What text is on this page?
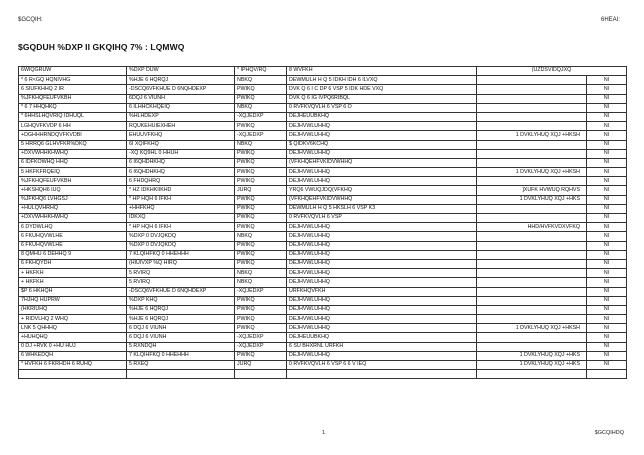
$GCQIH:	6HEAI:
$GQDUH %DXP II GKQIHQ 7% : LQMWQ
6WIQGRUW	%DXP DUW	* IPHQV/RQ	8 WVFKH	(UZDSVIDQJXQ	
* 6 R<GQ HQNIVHG	%HJE 6 HQRQJ	NBKQ	DEWMULH H Q 5 IDKH IDH 6 ILVXQ		NI
6 SIUFKHHQ 2 IR	-DSCQ6VFKHUE D 6NQHDEXP	PWIKQ	DVK Q 6 I C DP 6 VSP 5 IDK HDE VXQ		NI
%JFKHQFEUFVKBH	6DQJ 6 VIUNH	PWIKQ	DVK Q 6 IG IVPQ6RIBQL		NI
* 6 7 HHQHKQ	6 ILHHCKHQEIQ	NBKQ	0 RVFKVQVLH 6 VSP 6 O		NI
* 6HHSLHQVRIQ IDHUQL	%HLHDEXP	-XQJEDXP	DEJHEUUBKHQ		NI
LGHQVFKVDP 6 HH	RQUKEHUIEXHEH	PWIKQ	DEJHVWLUHHQ		NI
+DGHHHRNDQVFKVDBI	EHUUVFKHQ	-XQJEDXP	DEJHVWLUHHQ	1 DVKLYHUQ XQJ +HKSH	NI
5 HRRQ6 GLHVFKR%DKQ	6I XQIFKHQ	NBKQ	$ QIDKV6KCHQ		NI
+DXVWHHKHWHQ	-XQ KQ9HL 0 HHUH	PWIKQ	DEJHVWLUHHQ		NI
6 IDFKOWHQ HHQ	6 I6QHDHKHQ	PWIKQ	(VFKHQEHFVKIDVWHHQ		NI
5 HKFKFRQEIQ	6 I6QHDHKHQ	PWIKQ	DEJHVWLUHHQ	1 DVKLYHUQ XQJ +HKSH	NI
%JFKHQFEUFVKBH	6 FHDQHRQ	PWIKQ	DEJHVWLUHHQ		NI
+HKSHQH6 IUQ	* HZ IDKHKIIKHD	JURQ	YRQ6 VWUQJDQ(VFKHQ	]XUFK HVWUQ RQHVS	NI
%JFKHQ6 LVHGSJ	* HP HQH 6 IFKH	PWIKQ	(VFKHQEHFVKIDVWHHQ	1 DVKLYHUQ XQJ +HKS	NI
+HULQVHRHQ	+HHFKHQ	PWIKQ	DEWMULH H Q 5 HKSLH 6 VSP K3		NI
+DXVWHHKHWHQ	IDKXQ	PWIKQ	0 RVFKVQVLH 6 VSP		NI
6 DYDWLHQ	* HP HQH 6 IFKH	PWIKQ	DEJHVWLUHHQ	HHD/HVFKVDXVFKQ	NI
6 FKUHQVWLHE	%DXP 0 DVJQKDQ	NBKQ	DEJHVWLUHHQ		NI
6 FKUHQVWLHE	%DXP 0 DVJQKDQ	PWIKQ	DEJHVWLUHHQ		NI
8 QMHU 6 DEHHQ 9	7 KLQIHFKQ 0 HHEHHH	PWIKQ	DEJHVWLUHHQ		NI
6 FKHQYDH	(HIUIVXP %Q HIRQ	PWIKQ	DEJHVWLUHHQ		NI
+ HKFKH	5 RVIRQ	NBKQ	DEJHVWLUHHQ		NI
+ HKFKH	5 RVIRQ	NBKQ	DEJHVWLUHHQ		NI
$P 6 HKHQH	-DSCQ6VFKHUE D 6NQHDEXP	-XQJEDXP	URFKHQVFKH		NI
7HJHQ HUPRW	%DXP KHQ	PWIKQ	DEJHVWLUHHQ		NI
(HKRIUHQ	%HJE 6 HQRQJ	PWIKQ	DEJHVWLUHHQ		NI
+ RIDVLHQ 2 WHQ	%HJE 6 HQRQJ	PWIKQ	DEJHVWLUHHQ		NI
LNK 5 QHHHQ	6 DQJ 6 VIUNH	PWIKQ	DEJHVWLUHHQ	1 DVKLYHUQ XQJ +HKSH	NI
+HUHQHQ	6 DQJ 6 VIUNH	-XQJEDXP	DEJHEUUBKHQ		NI
0 DJ +RVK 0 +HU HUJ	5 RXNDQH	-XQJEDXP	6 SU BHXRNL URFKH		NI
6 WHKEDQH	7 KLQIHFKQ 0 HHEHHH	PWIKQ	DEJHVWLUHHQ	1 DVKLYHUQ XQJ +HKS	NI
* HVFKH 6 FKRHDH 6 RUHQ	5 RXEQ	JURQ	0 RVFKVQVLH 6 VSP 6 6 V IEQ	1 DVKLYHUQ XQJ +HKS	NI

1	$GCQIHDQ
